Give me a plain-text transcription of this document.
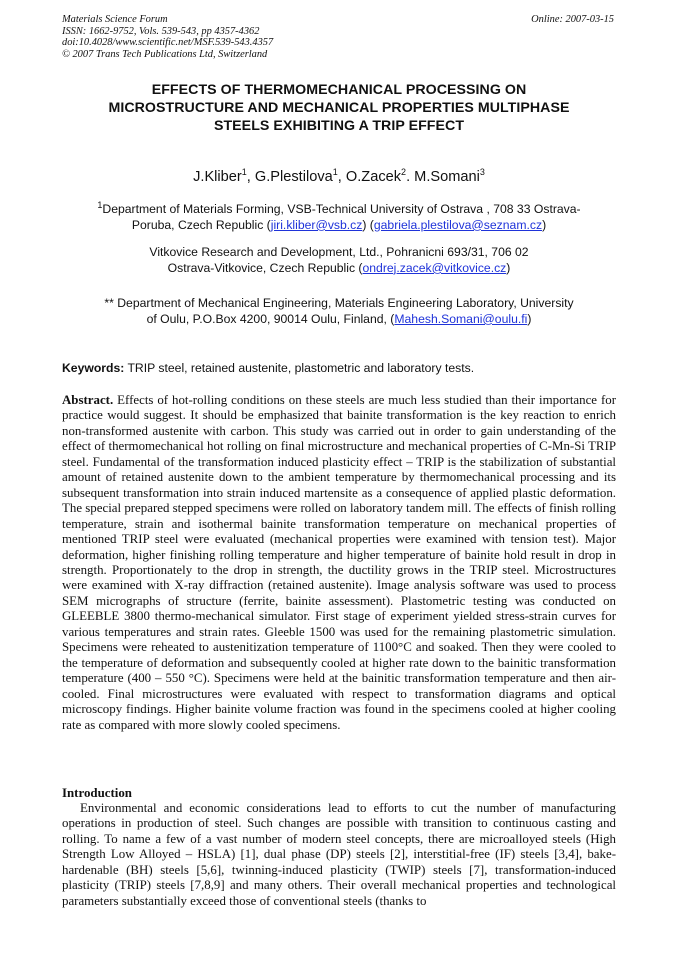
Materials Science Forum
ISSN: 1662-9752, Vols. 539-543, pp 4357-4362
doi:10.4028/www.scientific.net/MSF.539-543.4357
© 2007 Trans Tech Publications Ltd, Switzerland
Online: 2007-03-15
EFFECTS OF THERMOMECHANICAL PROCESSING ON
MICROSTRUCTURE AND MECHANICAL PROPERTIES MULTIPHASE
STEELS EXHIBITING A TRIP EFFECT
J.Kliber$^1$, G.Plestilova$^1$, O.Zacek$^2$. M.Somani$^3$
$^1$Department of Materials Forming, VSB-Technical University of Ostrava , 708 33 Ostrava-
Poruba, Czech Republic (jiri.kliber@vsb.cz) (gabriela.plestilova@seznam.cz)
Vitkovice Research and Development, Ltd., Pohranicni 693/31, 706 02
Ostrava-Vitkovice, Czech Republic (ondrej.zacek@vitkovice.cz)
** Department of Mechanical Engineering, Materials Engineering Laboratory, University
of Oulu, P.O.Box 4200, 90014 Oulu, Finland, (Mahesh.Somani@oulu.fi)
Keywords: TRIP steel, retained austenite, plastometric and laboratory tests.

Abstract. Effects of hot-rolling conditions on these steels are much less studied than their importance for practice would suggest. It should be emphasized that bainite transformation is the key reaction to enrich non-transformed austenite with carbon. This study was carried out in order to gain understanding of the effect of thermomechanical hot rolling on final microstructure and mechanical properties of C-Mn-Si TRIP steel. Fundamental of the transformation induced plasticity effect – TRIP is the stabilization of substantial amount of retained austenite down to the ambient temperature by thermomechanical processing and its subsequent transformation into strain induced martensite as a consequence of applied plastic deformation. The special prepared stepped specimens were rolled on laboratory tandem mill. The effects of finish rolling temperature, strain and isothermal bainite transformation temperature on mechanical properties of mentioned TRIP steel were evaluated (mechanical properties were examined with tension test). Major deformation, higher finishing rolling temperature and higher temperature of bainite hold result in drop in strength. Proportionately to the drop in strength, the ductility grows in the TRIP steel. Microstructures were examined with X-ray diffraction (retained austenite). Image analysis software was used to process SEM micrographs of structure (ferrite, bainite assessment). Plastometric testing was conducted on GLEEBLE 3800 thermo-mechanical simulator. First stage of experiment yielded stress-strain curves for various temperatures and strain rates. Gleeble 1500 was used for the remaining plastometric simulation. Specimens were reheated to austenitization temperature of 1100°C and soaked. Then they were cooled to the temperature of deformation and subsequently cooled at higher rate down to the bainitic transformation temperature (400 – 550 °C). Specimens were held at the bainitic transformation temperature and then air-cooled. Final microstructures were evaluated with respect to transformation diagrams and optical microscopy findings. Higher bainite volume fraction was found in the specimens cooled at higher cooling rate as compared with more slowly cooled specimens.

Introduction

Environmental and economic considerations lead to efforts to cut the number of manufacturing operations in production of steel. Such changes are possible with transition to continuous casting and rolling. To name a few of a vast number of modern steel concepts, there are microalloyed steels (High Strength Low Alloyed – HSLA) [1], dual phase (DP) steels [2], interstitial-free (IF) steels [3,4], bake-hardenable (BH) steels [5,6], twinning-induced plasticity (TWIP) steels [7], transformation-induced plasticity (TRIP) steels [7,8,9] and many others. Their overall mechanical properties and technological parameters substantially exceed those of conventional steels (thanks to
